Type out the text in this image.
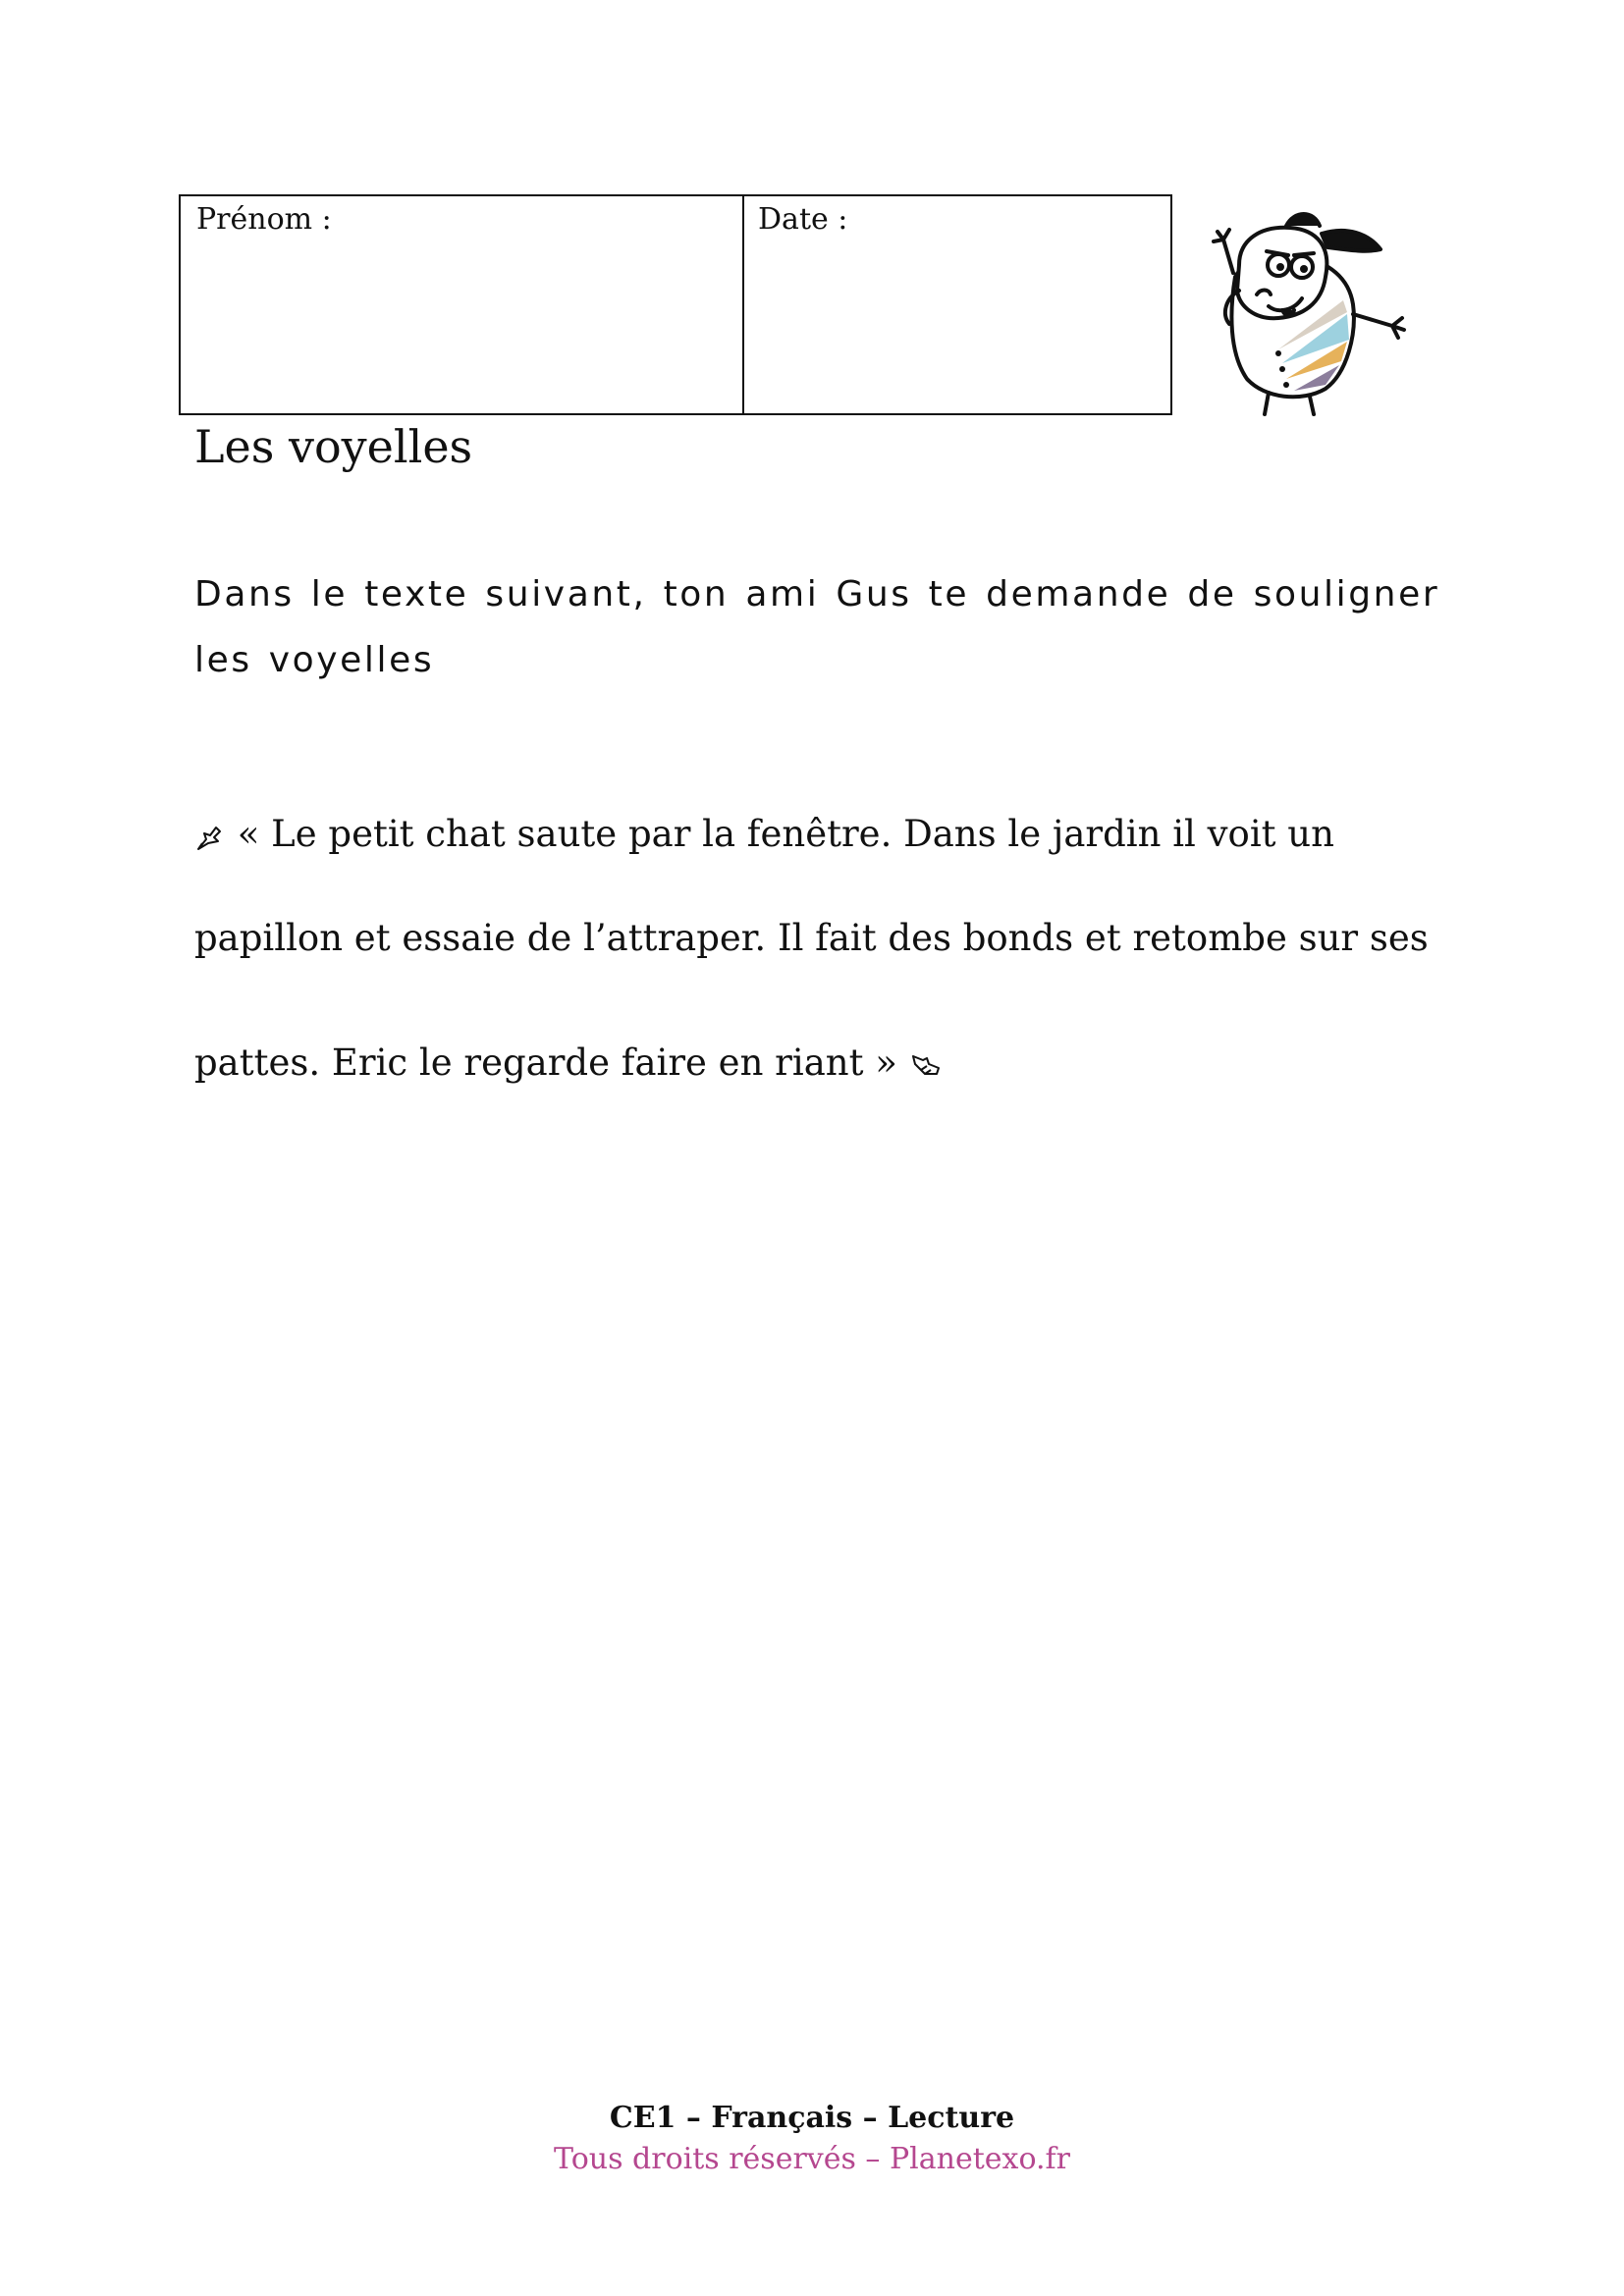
Prénom :	Date :
Les voyelles

Dans le texte suivant, ton ami Gus te demande de souligner les voyelles

« Le petit chat saute par la fenêtre. Dans le jardin il voit un

papillon et essaie de l’attraper. Il fait des bonds et retombe sur ses

pattes. Eric le regarde faire en riant »

CE1 – Français – Lecture

Tous droits réservés – Planetexo.fr
